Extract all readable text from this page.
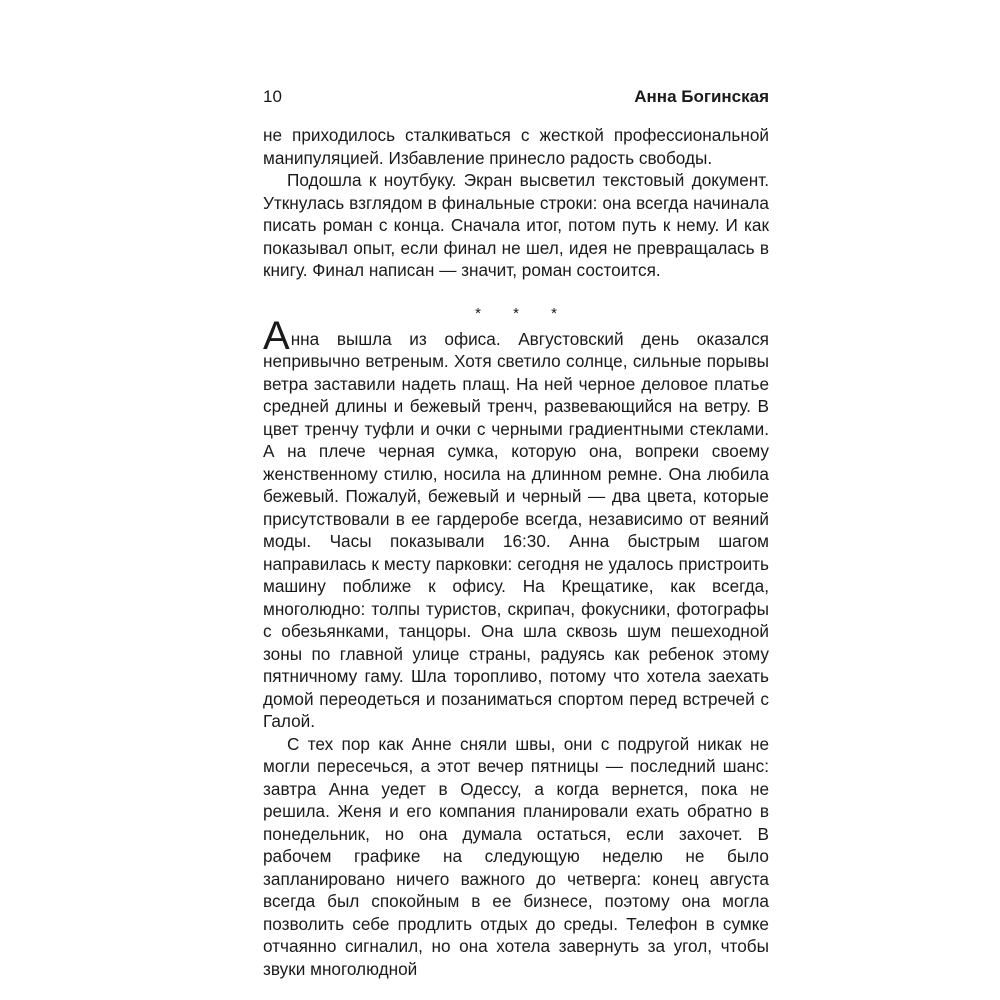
10	Анна Богинская

не приходилось сталкиваться с жесткой профессиональной манипуляцией. Избавление принесло радость свободы.

Подошла к ноутбуку. Экран высветил текстовый документ. Уткнулась взглядом в финальные строки: она всегда начинала писать роман с конца. Сначала итог, потом путь к нему. И как показывал опыт, если финал не шел, идея не превращалась в книгу. Финал написан — значит, роман состоится.

* * *

Анна вышла из офиса. Августовский день оказался непривычно ветреным. Хотя светило солнце, сильные порывы ветра заставили надеть плащ. На ней черное деловое платье средней длины и бежевый тренч, развевающийся на ветру. В цвет тренчу туфли и очки с черными градиентными стеклами. А на плече черная сумка, которую она, вопреки своему женственному стилю, носила на длинном ремне. Она любила бежевый. Пожалуй, бежевый и черный — два цвета, которые присутствовали в ее гардеробе всегда, независимо от веяний моды. Часы показывали 16:30. Анна быстрым шагом направилась к месту парковки: сегодня не удалось пристроить машину поближе к офису. На Крещатике, как всегда, многолюдно: толпы туристов, скрипач, фокусники, фотографы с обезьянками, танцоры. Она шла сквозь шум пешеходной зоны по главной улице страны, радуясь как ребенок этому пятничному гаму. Шла торопливо, потому что хотела заехать домой переодеться и позаниматься спортом перед встречей с Галой.

С тех пор как Анне сняли швы, они с подругой никак не могли пересечься, а этот вечер пятницы — последний шанс: завтра Анна уедет в Одессу, а когда вернется, пока не решила. Женя и его компания планировали ехать обратно в понедельник, но она думала остаться, если захочет. В рабочем графике на следующую неделю не было запланировано ничего важного до четверга: конец августа всегда был спокойным в ее бизнесе, поэтому она могла позволить себе продлить отдых до среды. Телефон в сумке отчаянно сигналил, но она хотела завернуть за угол, чтобы звуки многолюдной
